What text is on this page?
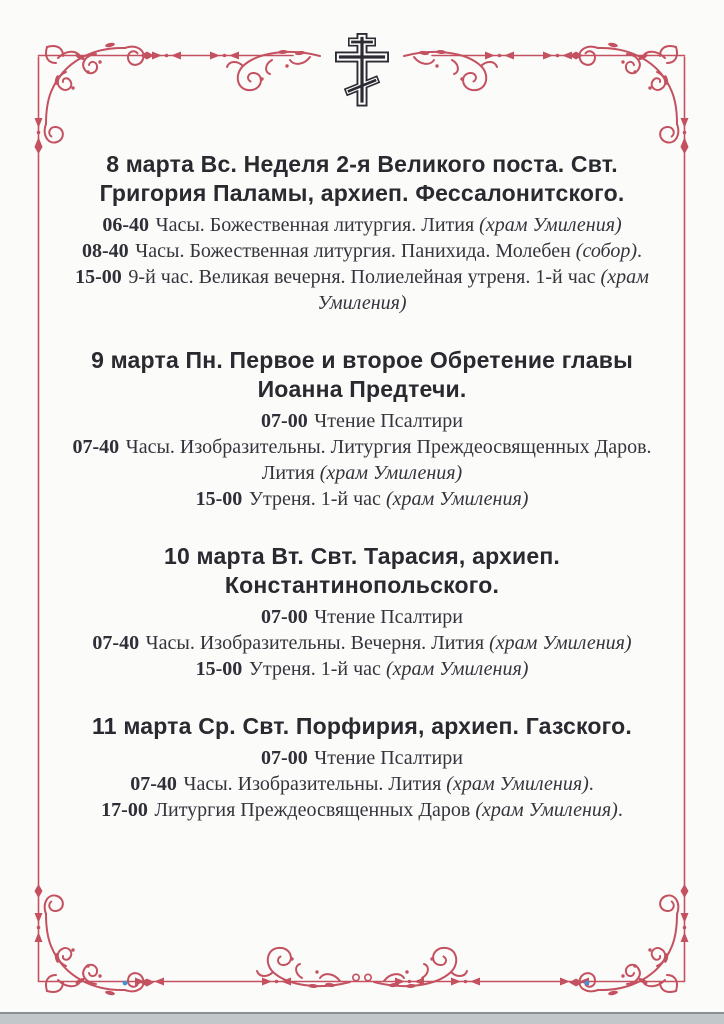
8 марта Вс. Неделя 2-я Великого поста. Свт. Григория Паламы, архиеп. Фессалонитского.

06-40 Часы. Божественная литургия. Лития (храм Умиления)

08-40 Часы. Божественная литургия. Панихида. Молебен (собор).

15-00 9-й час. Великая вечерня. Полиелейная утреня. 1-й час (храм Умиления)

9 марта Пн. Первое и второе Обретение главы Иоанна Предтечи.

07-00 Чтение Псалтири

07-40 Часы. Изобразительны. Литургия Преждеосвященных Даров. Лития (храм Умиления)

15-00 Утреня. 1-й час (храм Умиления)

10 марта Вт. Свт. Тарасия, архиеп. Константинопольского.

07-00 Чтение Псалтири

07-40 Часы. Изобразительны. Вечерня. Лития (храм Умиления)

15-00 Утреня. 1-й час (храм Умиления)

11 марта Ср. Свт. Порфирия, архиеп. Газского.

07-00 Чтение Псалтири

07-40 Часы. Изобразительны. Лития (храм Умиления).

17-00 Литургия Преждеосвященных Даров (храм Умиления).
